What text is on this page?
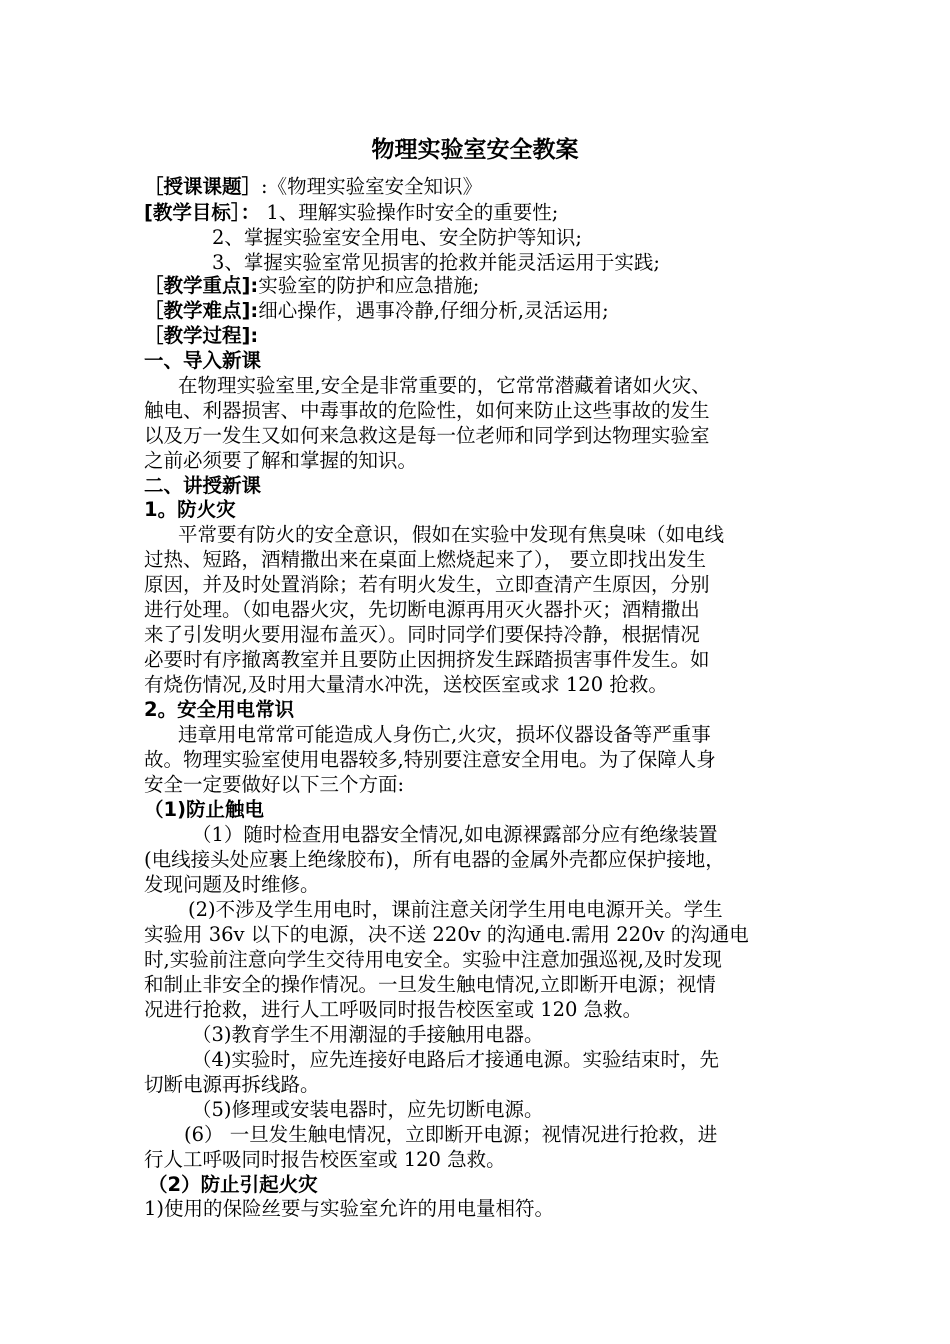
物理实验室安全教案
［授课课题］:《物理实验室安全知识》
[教学目标］： 1、理解实验操作时安全的重要性;
2、掌握实验室安全用电、安全防护等知识;
3、掌握实验室常见损害的抢救并能灵活运用于实践;
［教学重点]:实验室的防护和应急措施;
［教学难点]:细心操作，遇事冷静,仔细分析,灵活运用;
［教学过程]:
一、导入新课
在物理实验室里,安全是非常重要的，它常常潜藏着诸如火灾、
触电、利器损害、中毒事故的危险性，如何来防止这些事故的发生
以及万一发生又如何来急救这是每一位老师和同学到达物理实验室
之前必须要了解和掌握的知识。
二、讲授新课
1。防火灾
平常要有防火的安全意识，假如在实验中发现有焦臭味（如电线
过热、短路，酒精撒出来在桌面上燃烧起来了）， 要立即找出发生
原因，并及时处置消除；若有明火发生，立即查清产生原因，分别
进行处理。（如电器火灾，先切断电源再用灭火器扑灭；酒精撒出
来了引发明火要用湿布盖灭）。同时同学们要保持冷静，根据情况
必要时有序撤离教室并且要防止因拥挤发生踩踏损害事件发生。如
有烧伤情况,及时用大量清水冲洗，送校医室或求 120 抢救。
2。安全用电常识
违章用电常常可能造成人身伤亡,火灾，损坏仪器设备等严重事
故。物理实验室使用电器较多,特别要注意安全用电。为了保障人身
安全一定要做好以下三个方面:
（1)防止触电
（1）随时检查用电器安全情况,如电源裸露部分应有绝缘装置
(电线接头处应裹上绝缘胶布)，所有电器的金属外壳都应保护接地，
发现问题及时维修。
(2)不涉及学生用电时，课前注意关闭学生用电电源开关。学生
实验用 36v 以下的电源，决不送 220v 的沟通电.需用 220v 的沟通电
时,实验前注意向学生交待用电安全。实验中注意加强巡视,及时发现
和制止非安全的操作情况。一旦发生触电情况,立即断开电源；视情
况进行抢救，进行人工呼吸同时报告校医室或 120 急救。
（3)教育学生不用潮湿的手接触用电器。
（4)实验时，应先连接好电路后才接通电源。实验结束时，先
切断电源再拆线路。
（5)修理或安装电器时，应先切断电源。
(6） 一旦发生触电情况，立即断开电源；视情况进行抢救，进
行人工呼吸同时报告校医室或 120 急救。
（2）防止引起火灾
1)使用的保险丝要与实验室允许的用电量相符。
